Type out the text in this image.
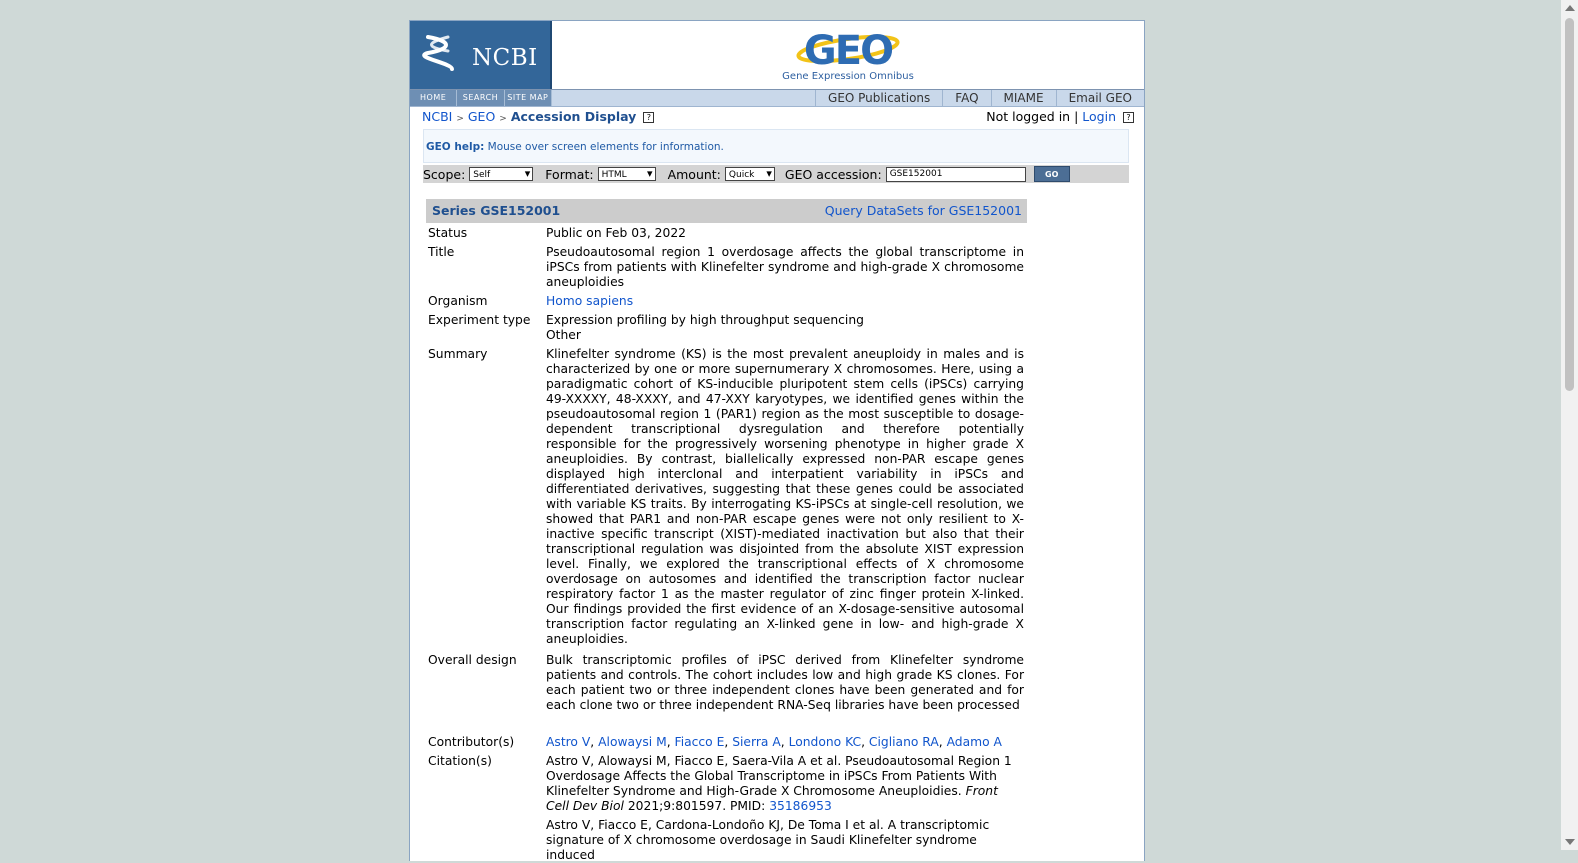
NCBI	GEO
Gene Expression Omnibus
HOME	SEARCH	SITE MAP	GEO Publications	FAQ	MIAME	Email GEO
NCBI > GEO > Accession Display ?	Not logged in | Login ?
GEO help: Mouse over screen elements for information.
Scope: Self ▾	Format: HTML ▾	Amount: Quick ▾	GEO accession: GSE152001	GO
Series GSE152001	Query DataSets for GSE152001
Status	Public on Feb 03, 2022
Title	Pseudoautosomal region 1 overdosage affects the global transcriptome in iPSCs from patients with Klinefelter syndrome and high-grade X chromosome aneuploidies
Organism	Homo sapiens
Experiment type	Expression profiling by high throughput sequencing
Other
Summary	Klinefelter syndrome (KS) is the most prevalent aneuploidy in males and is characterized by one or more supernumerary X chromosomes. Here, using a paradigmatic cohort of KS-inducible pluripotent stem cells (iPSCs) carrying 49-XXXXY, 48-XXXY, and 47-XXY karyotypes, we identified genes within the pseudoautosomal region 1 (PAR1) region as the most susceptible to dosage-dependent transcriptional dysregulation and therefore potentially responsible for the progressively worsening phenotype in higher grade X aneuploidies. By contrast, biallelically expressed non-PAR escape genes displayed high interclonal and interpatient variability in iPSCs and differentiated derivatives, suggesting that these genes could be associated with variable KS traits. By interrogating KS-iPSCs at single-cell resolution, we showed that PAR1 and non-PAR escape genes were not only resilient to X-inactive specific transcript (XIST)-mediated inactivation but also that their transcriptional regulation was disjointed from the absolute XIST expression level. Finally, we explored the transcriptional effects of X chromosome overdosage on autosomes and identified the transcription factor nuclear respiratory factor 1 as the master regulator of zinc finger protein X-linked. Our findings provided the first evidence of an X-dosage-sensitive autosomal transcription factor regulating an X-linked gene in low- and high-grade X aneuploidies.
Overall design	Bulk transcriptomic profiles of iPSC derived from Klinefelter syndrome patients and controls. The cohort includes low and high grade KS clones. For each patient two or three independent clones have been generated and for each clone two or three independent RNA-Seq libraries have been processed
Contributor(s)	Astro V, Alowaysi M, Fiacco E, Sierra A, Londono KC, Cigliano RA, Adamo A
Citation(s)	Astro V, Alowaysi M, Fiacco E, Saera-Vila A et al. Pseudoautosomal Region 1 Overdosage Affects the Global Transcriptome in iPSCs From Patients With Klinefelter Syndrome and High-Grade X Chromosome Aneuploidies. Front Cell Dev Biol 2021;9:801597. PMID: 35186953
Astro V, Fiacco E, Cardona-Londoño KJ, De Toma I et al. A transcriptomic signature of X chromosome overdosage in Saudi Klinefelter syndrome induced
